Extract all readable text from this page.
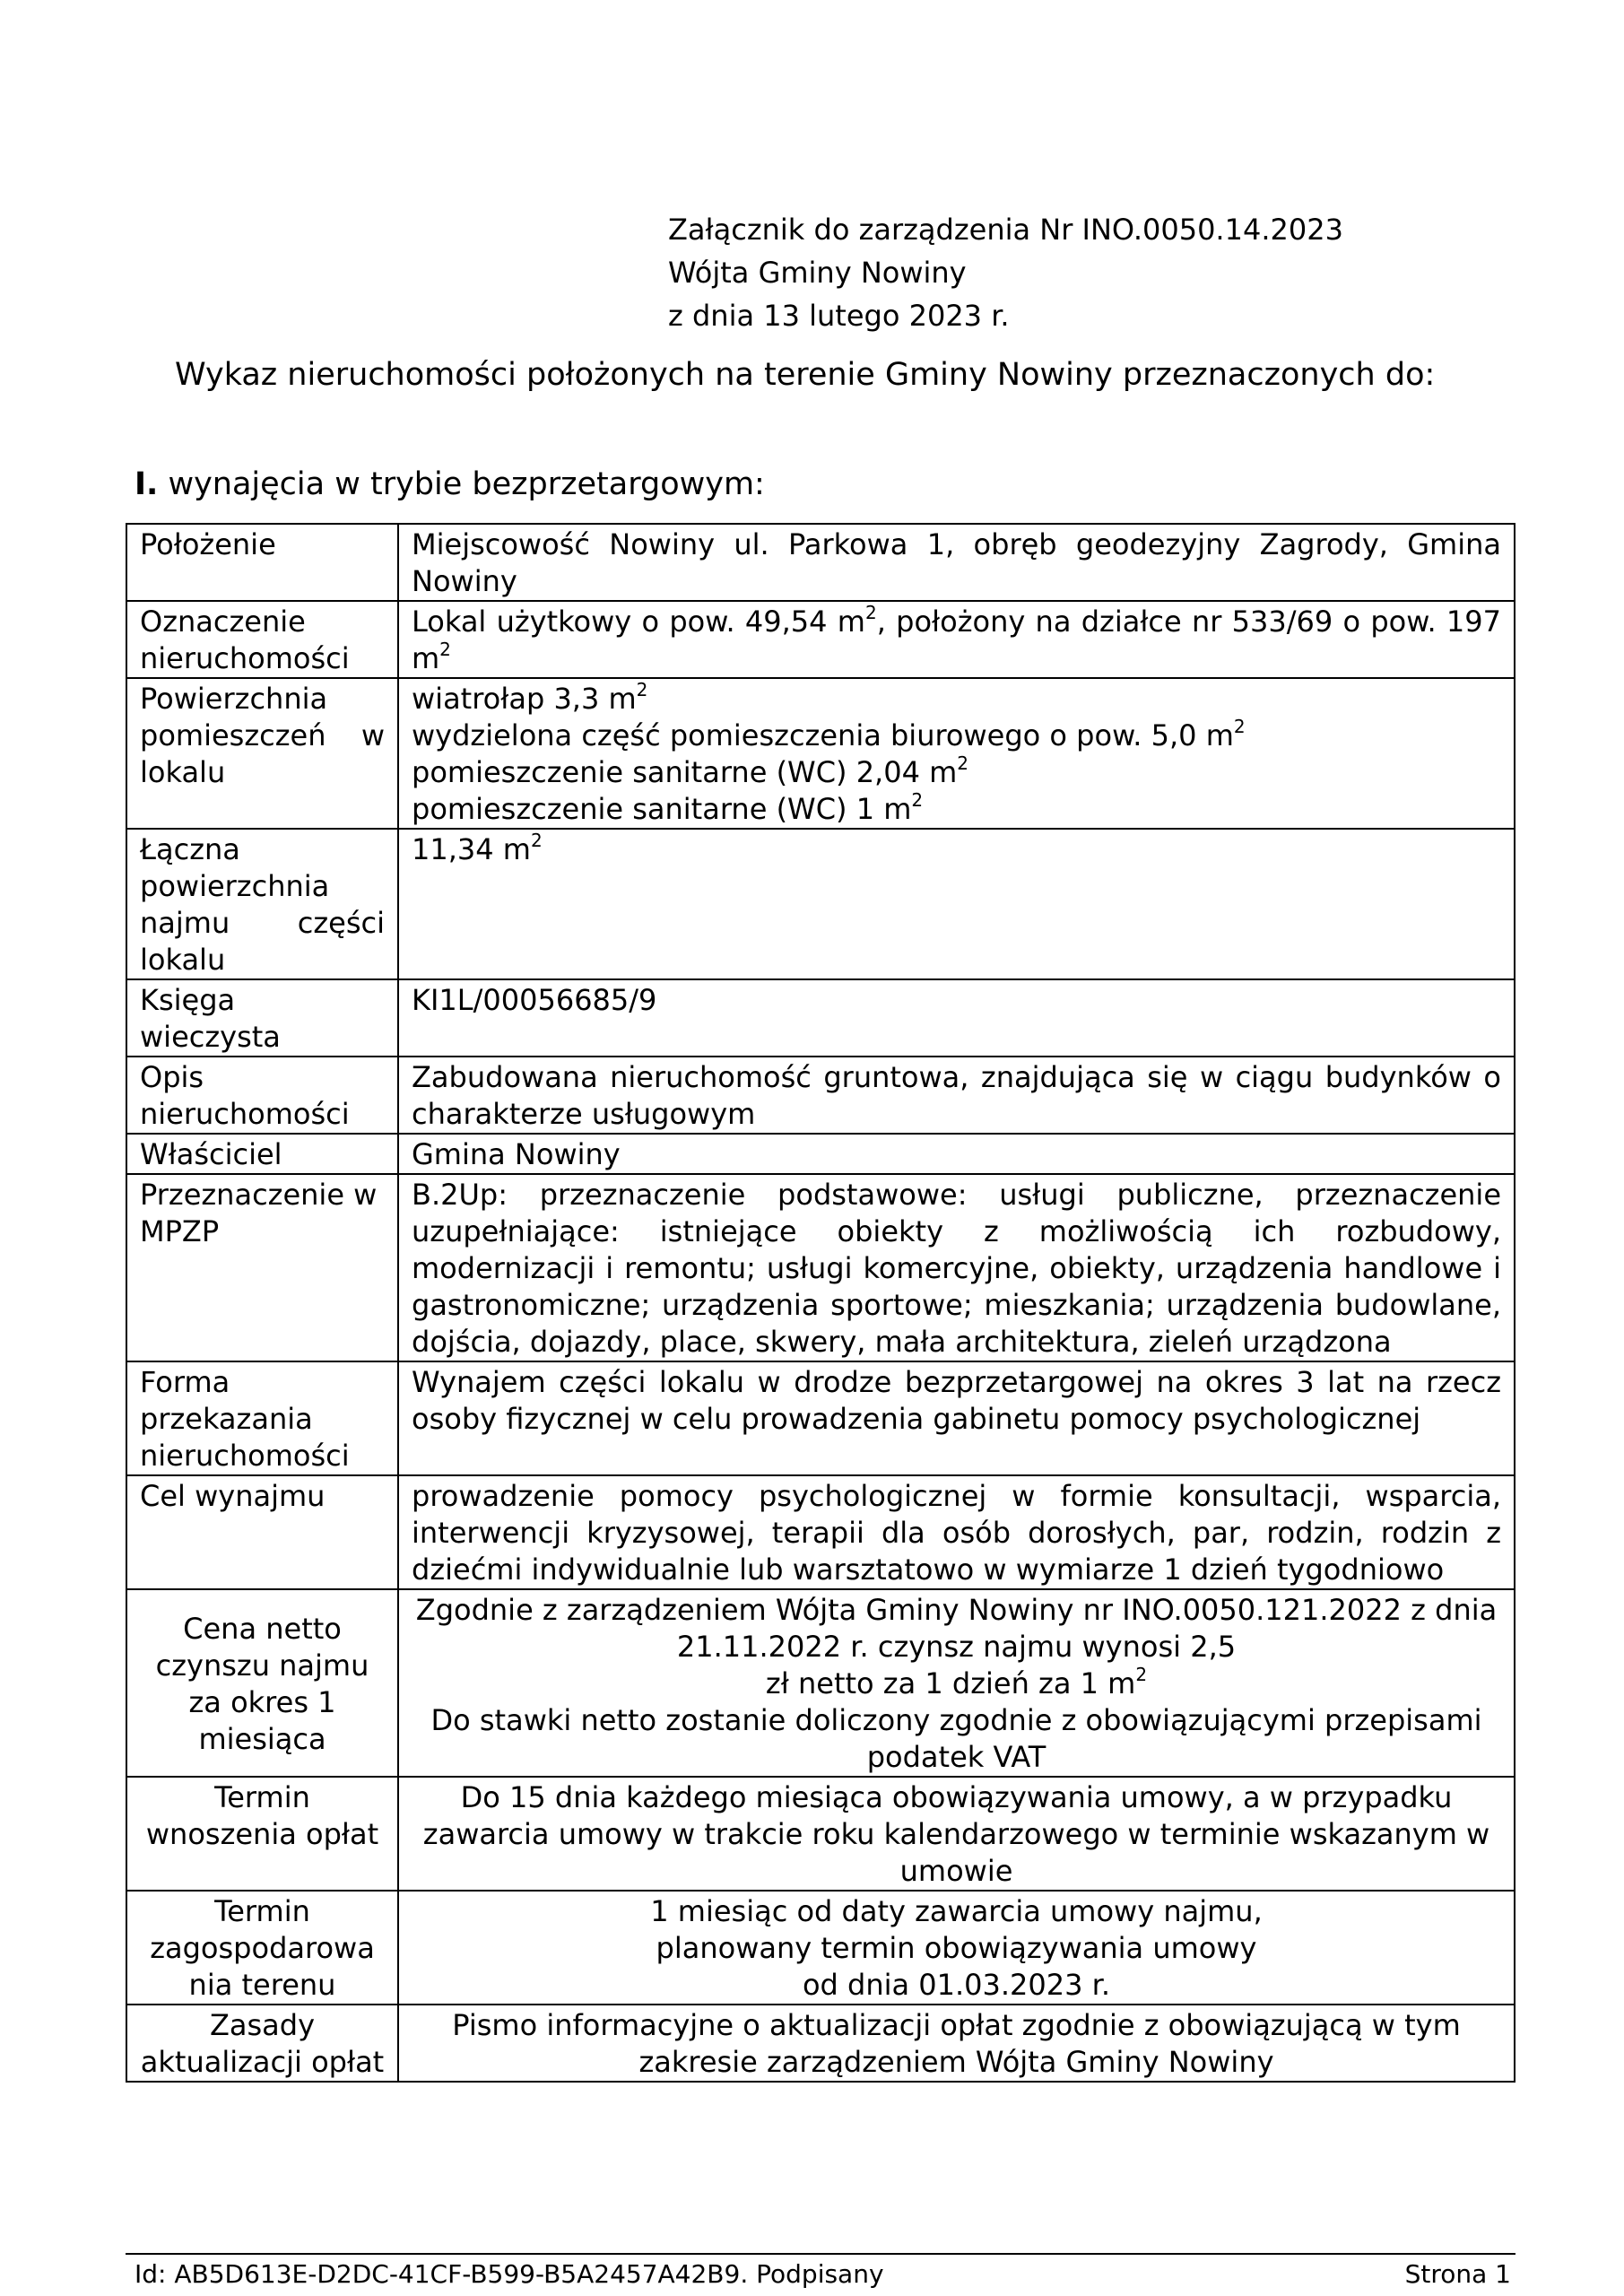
Załącznik do zarządzenia Nr INO.0050.14.2023
Wójta Gminy Nowiny
z dnia 13 lutego 2023 r.
Wykaz nieruchomości położonych na terenie Gminy Nowiny przeznaczonych do:
I. wynajęcia w trybie bezprzetargowym:
Położenie	Miejscowość Nowiny ul. Parkowa 1, obręb geodezyjny Zagrody, Gmina Nowiny
Oznaczenie nieruchomości	Lokal użytkowy o pow. 49,54 $m^2$, położony na działce nr 533/69 o pow. 197 $m^2$
Powierzchnia pomieszczeń w lokalu	wiatrołap 3,3 $m^2$
wydzielona część pomieszczenia biurowego o pow. 5,0 $m^2$
pomieszczenie sanitarne (WC) 2,04 $m^2$
pomieszczenie sanitarne (WC) 1 $m^2$

Łączna powierzchnia najmu części lokalu	11,34 $m^2$
Księga wieczysta	KI1L/00056685/9
Opis nieruchomości	Zabudowana nieruchomość gruntowa, znajdująca się w ciągu budynków o charakterze usługowym
Właściciel	Gmina Nowiny
Przeznaczenie w MPZP	B.2Up: przeznaczenie podstawowe: usługi publiczne, przeznaczenie uzupełniające: istniejące obiekty z możliwością ich rozbudowy, modernizacji i remontu; usługi komercyjne, obiekty, urządzenia handlowe i gastronomiczne; urządzenia sportowe; mieszkania; urządzenia budowlane, dojścia, dojazdy, place, skwery, mała architektura, zieleń urządzona
Forma przekazania nieruchomości	Wynajem części lokalu w drodze bezprzetargowej na okres 3 lat na rzecz osoby fizycznej w celu prowadzenia gabinetu pomocy psychologicznej
Cel wynajmu	prowadzenie pomocy psychologicznej w formie konsultacji, wsparcia, interwencji kryzysowej, terapii dla osób dorosłych, par, rodzin, rodzin z dziećmi indywidualnie lub warsztatowo w wymiarze 1 dzień tygodniowo
Cena netto czynszu najmu za okres 1 miesiąca	Zgodnie z zarządzeniem Wójta Gminy Nowiny nr INO.0050.121.2022 z dnia 21.11.2022 r. czynsz najmu wynosi 2,5
zł netto za 1 dzień za 1 $m^2$
Do stawki netto zostanie doliczony zgodnie z obowiązującymi przepisami podatek VAT

Termin wnoszenia opłat	Do 15 dnia każdego miesiąca obowiązywania umowy, a w przypadku zawarcia umowy w trakcie roku kalendarzowego w terminie wskazanym w umowie
Termin zagospodarowa nia terenu	1 miesiąc od daty zawarcia umowy najmu,
planowany termin obowiązywania umowy
od dnia 01.03.2023 r.

Zasady aktualizacji opłat	Pismo informacyjne o aktualizacji opłat zgodnie z obowiązującą w tym zakresie zarządzeniem Wójta Gminy Nowiny
Id: AB5D613E-D2DC-41CF-B599-B5A2457A42B9. Podpisany	Strona 1
